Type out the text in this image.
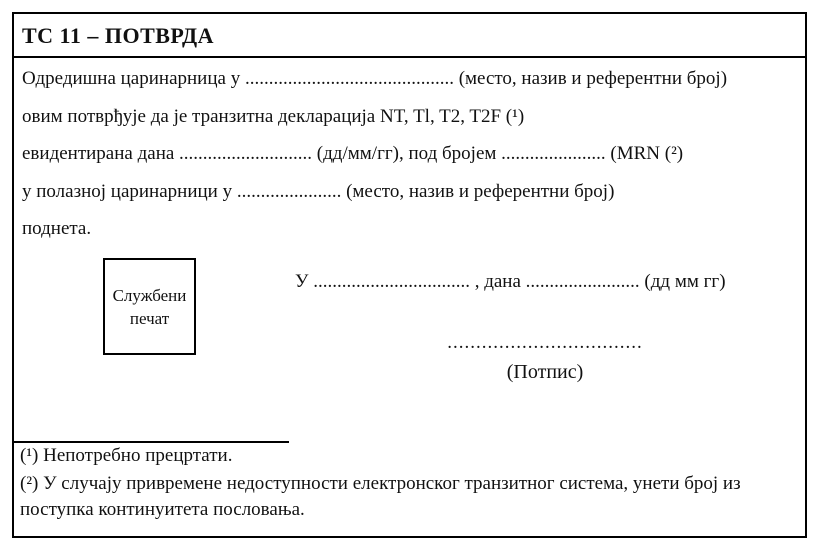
ТС 11 – ПОТВРДА
Одредишна царинарница у ............................................ (место, назив и референтни број)
овим потврђује да је транзитна декларација NT, Tl, T2, T2F (¹)
евидентирана дана ............................ (дд/мм/гг), под бројем ...................... (MRN (²)
у полазној царинарници у ...................... (место, назив и референтни број)
поднета.
Службени
печат
У ................................. , дана ........................ (дд мм гг)
..................................
(Потпис)
(¹) Непотребно прецртати.
(²) У случају привремене недоступности електронског транзитног система, унети број из поступка континуитета пословања.
